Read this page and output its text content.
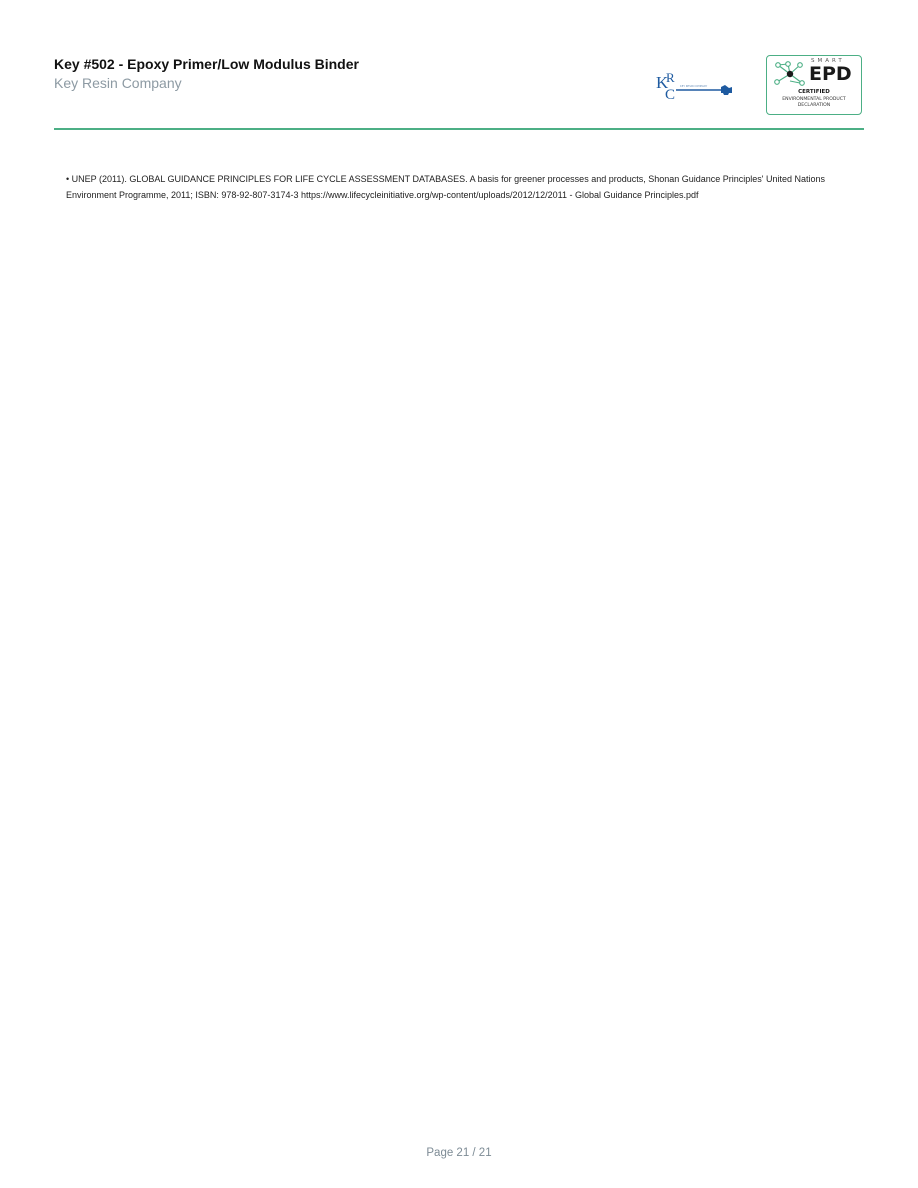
Key #502 - Epoxy Primer/Low Modulus Binder
Key Resin Company	K
R
C
KEY RESIN COMPANY
SMART
EPD
CERTIFIED
ENVIRONMENTAL PRODUCT
DECLARATION

• UNEP (2011). GLOBAL GUIDANCE PRINCIPLES FOR LIFE CYCLE ASSESSMENT DATABASES. A basis for greener processes and products, Shonan Guidance Principles' United Nations Environment Programme, 2011; ISBN: 978-92-807-3174-3 https://www.lifecycleinitiative.org/wp-content/uploads/2012/12/2011 - Global Guidance Principles.pdf

Page 21 / 21
